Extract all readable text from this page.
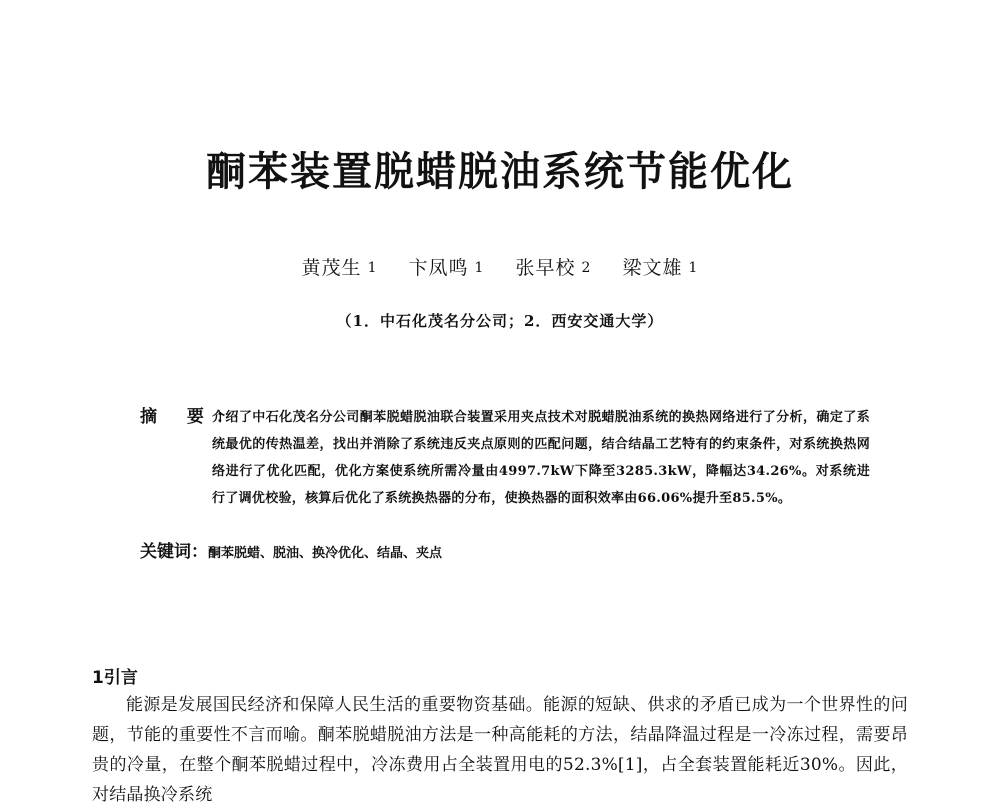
酮苯装置脱蜡脱油系统节能优化
黄茂生 $^1$ 卞凤鸣 $^1$ 张早校 $^2$ 梁文雄 $^1$
（1．中石化茂名分公司；2．西安交通大学）
摘 要：
介绍了中石化茂名分公司酮苯脱蜡脱油联合装置采用夹点技术对脱蜡脱油系统的换热网络进行了分析，确定了系统最优的传热温差，找出并消除了系统违反夹点原则的匹配问题，结合结晶工艺特有的约束条件，对系统换热网络进行了优化匹配，优化方案使系统所需冷量由4997.7kW下降至3285.3kW，降幅达34.26%。对系统进行了调优校验，核算后优化了系统换热器的分布，使换热器的面积效率由66.06%提升至85.5%。
关键词：酮苯脱蜡、脱油、换冷优化、结晶、夹点
1引言
能源是发展国民经济和保障人民生活的重要物资基础。能源的短缺、供求的矛盾已成为一个世界性的问题，节能的重要性不言而喻。酮苯脱蜡脱油方法是一种高能耗的方法，结晶降温过程是一冷冻过程，需要昂贵的冷量，在整个酮苯脱蜡过程中，冷冻费用占全装置用电的52.3%[1]，占全套装置能耗近30%。因此，对结晶换冷系统
